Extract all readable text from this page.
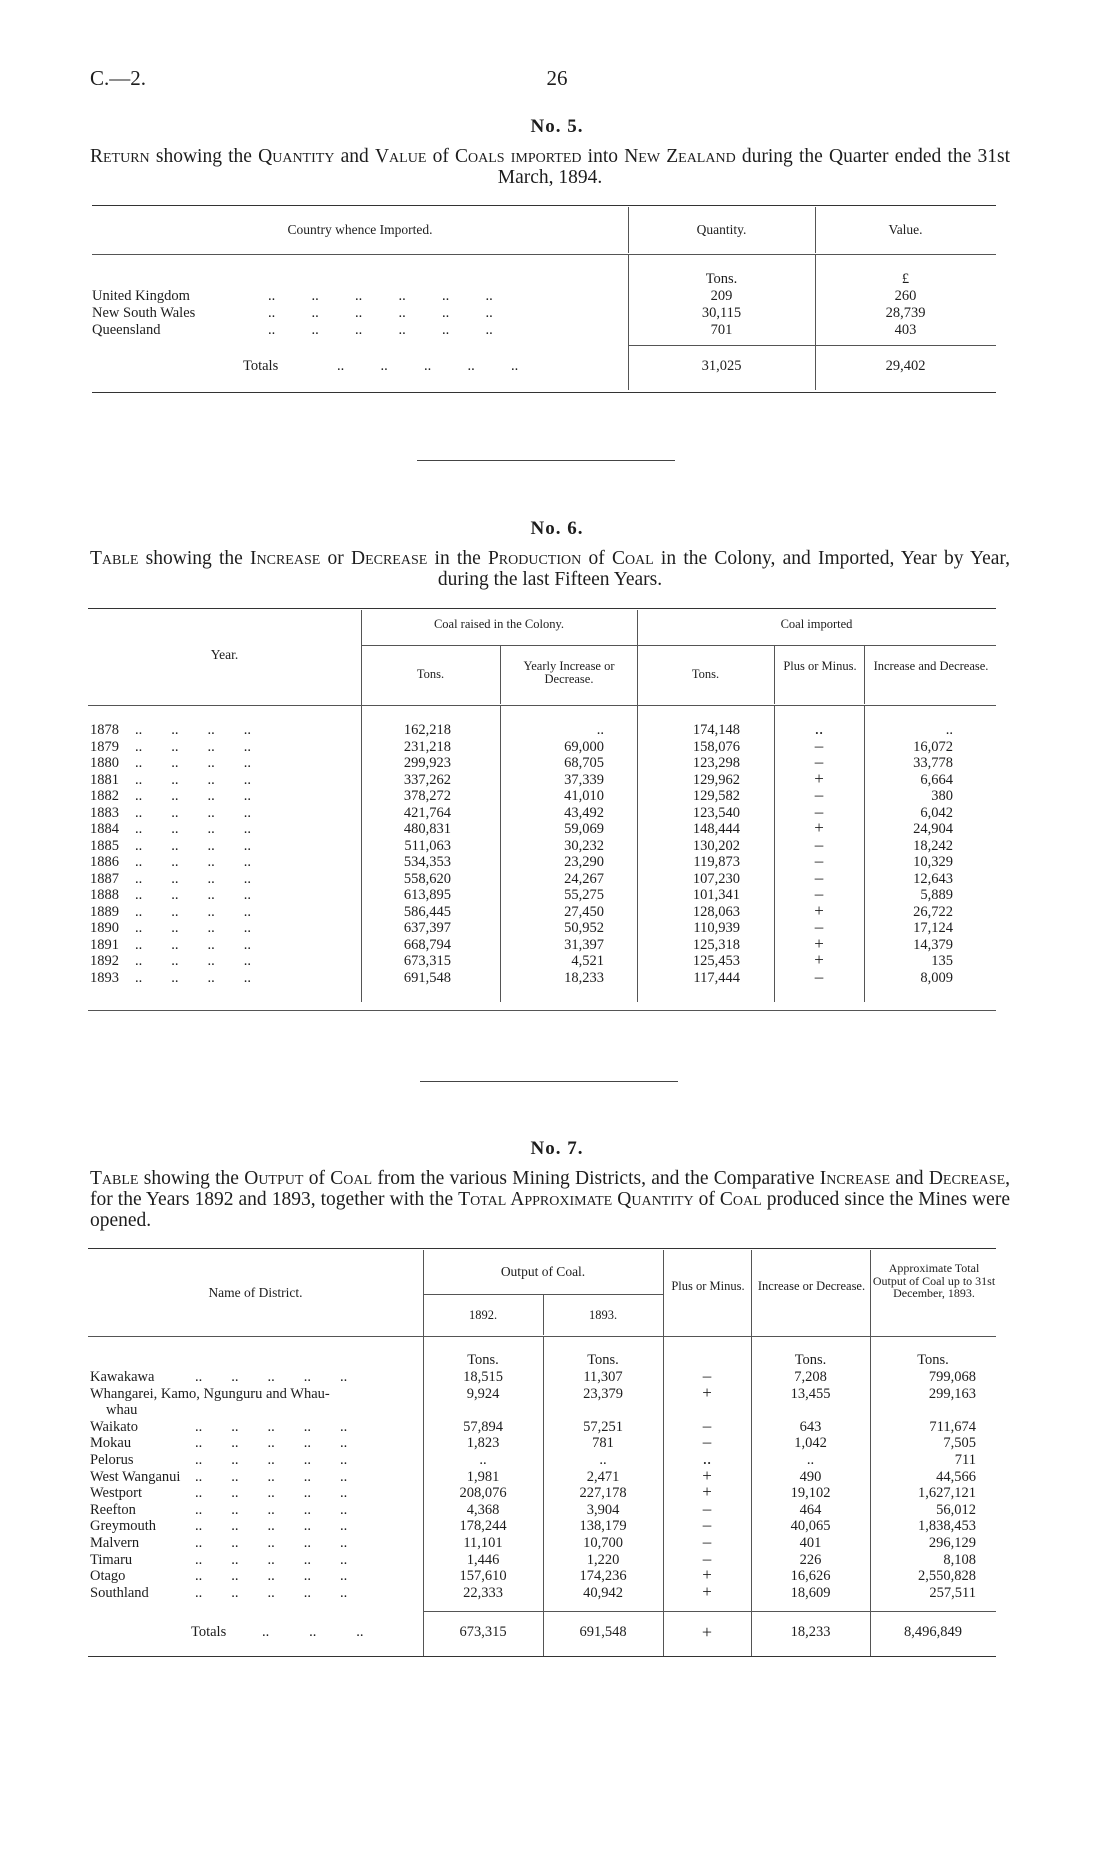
C.—2.	26
No. 5.
Return showing the Quantity and Value of Coals imported into New Zealand during the Quarter ended the 31st March, 1894.
Country whence Imported.	Quantity.	Value.
Tons.	£
United Kingdom	..          ..          ..          ..          ..          ..	209	260
New South Wales	..          ..          ..          ..          ..          ..	30,115	28,739
Queensland	..          ..          ..          ..          ..          ..	701	403
Totals	..          ..          ..          ..          ..	31,025	29,402
No. 6.
Table showing the Increase or Decrease in the Production of Coal in the Colony, and Imported, Year by Year, during the last Fifteen Years.
Year.
Coal raised in the Colony.	Coal imported
Tons.
Yearly Increase or Decrease.	Tons.
Plus or Minus.	Increase and Decrease.
1878	162,218	..	174,148	..	..
..        ..        ..        ..
1879	231,218	69,000	158,076	–	16,072
..        ..        ..        ..
1880	299,923	68,705	123,298	–	33,778
..        ..        ..        ..
1881	337,262	37,339	129,962	+	6,664
..        ..        ..        ..
1882	378,272	41,010	129,582	–	380
..        ..        ..        ..
1883	421,764	43,492	123,540	–	6,042
..        ..        ..        ..
1884	480,831	59,069	148,444	+	24,904
..        ..        ..        ..
1885	511,063	30,232	130,202	–	18,242
..        ..        ..        ..
1886	534,353	23,290	119,873	–	10,329
..        ..        ..        ..
1887	558,620	24,267	107,230	–	12,643
..        ..        ..        ..
1888	613,895	55,275	101,341	–	5,889
..        ..        ..        ..
1889	586,445	27,450	128,063	+	26,722
..        ..        ..        ..
1890	637,397	50,952	110,939	–	17,124
..        ..        ..        ..
1891	668,794	31,397	125,318	+	14,379
..        ..        ..        ..
1892	673,315	4,521	125,453	+	135
..        ..        ..        ..
1893	691,548	18,233	117,444	–	8,009
..        ..        ..        ..
No. 7.
Table showing the Output of Coal from the various Mining Districts, and the Comparative Increase and Decrease, for the Years 1892 and 1893, together with the Total Approximate Quantity of Coal produced since the Mines were opened.
Name of District.
Output of Coal.
1892.	1893.
Plus or Minus.	Increase or Decrease.
Approximate Total Output of Coal up to 31st December, 1893.
Tons.	Tons.	Tons.	Tons.
Kawakawa	18,515	11,307	–	7,208	799,068
..        ..        ..        ..        ..
Whangarei, Kamo, Ngunguru and Whau-	9,924	23,379	+	13,455	299,163
whau
Waikato	57,894	57,251	–	643	711,674
..        ..        ..        ..        ..
Mokau	1,823	781	–	1,042	7,505
..        ..        ..        ..        ..
Pelorus	..	..	..	..	711
..        ..        ..        ..        ..
West Wanganui	1,981	2,471	+	490	44,566
..        ..        ..        ..        ..
Westport	208,076	227,178	+	19,102	1,627,121
..        ..        ..        ..        ..
Reefton	4,368	3,904	–	464	56,012
..        ..        ..        ..        ..
Greymouth	178,244	138,179	–	40,065	1,838,453
..        ..        ..        ..        ..
Malvern	11,101	10,700	–	401	296,129
..        ..        ..        ..        ..
Timaru	1,446	1,220	–	226	8,108
..        ..        ..        ..        ..
Otago	157,610	174,236	+	16,626	2,550,828
..        ..        ..        ..        ..
Southland	22,333	40,942	+	18,609	257,511
..        ..        ..        ..        ..
Totals ..           ..           ..	673,315	691,548	+	18,233	8,496,849
